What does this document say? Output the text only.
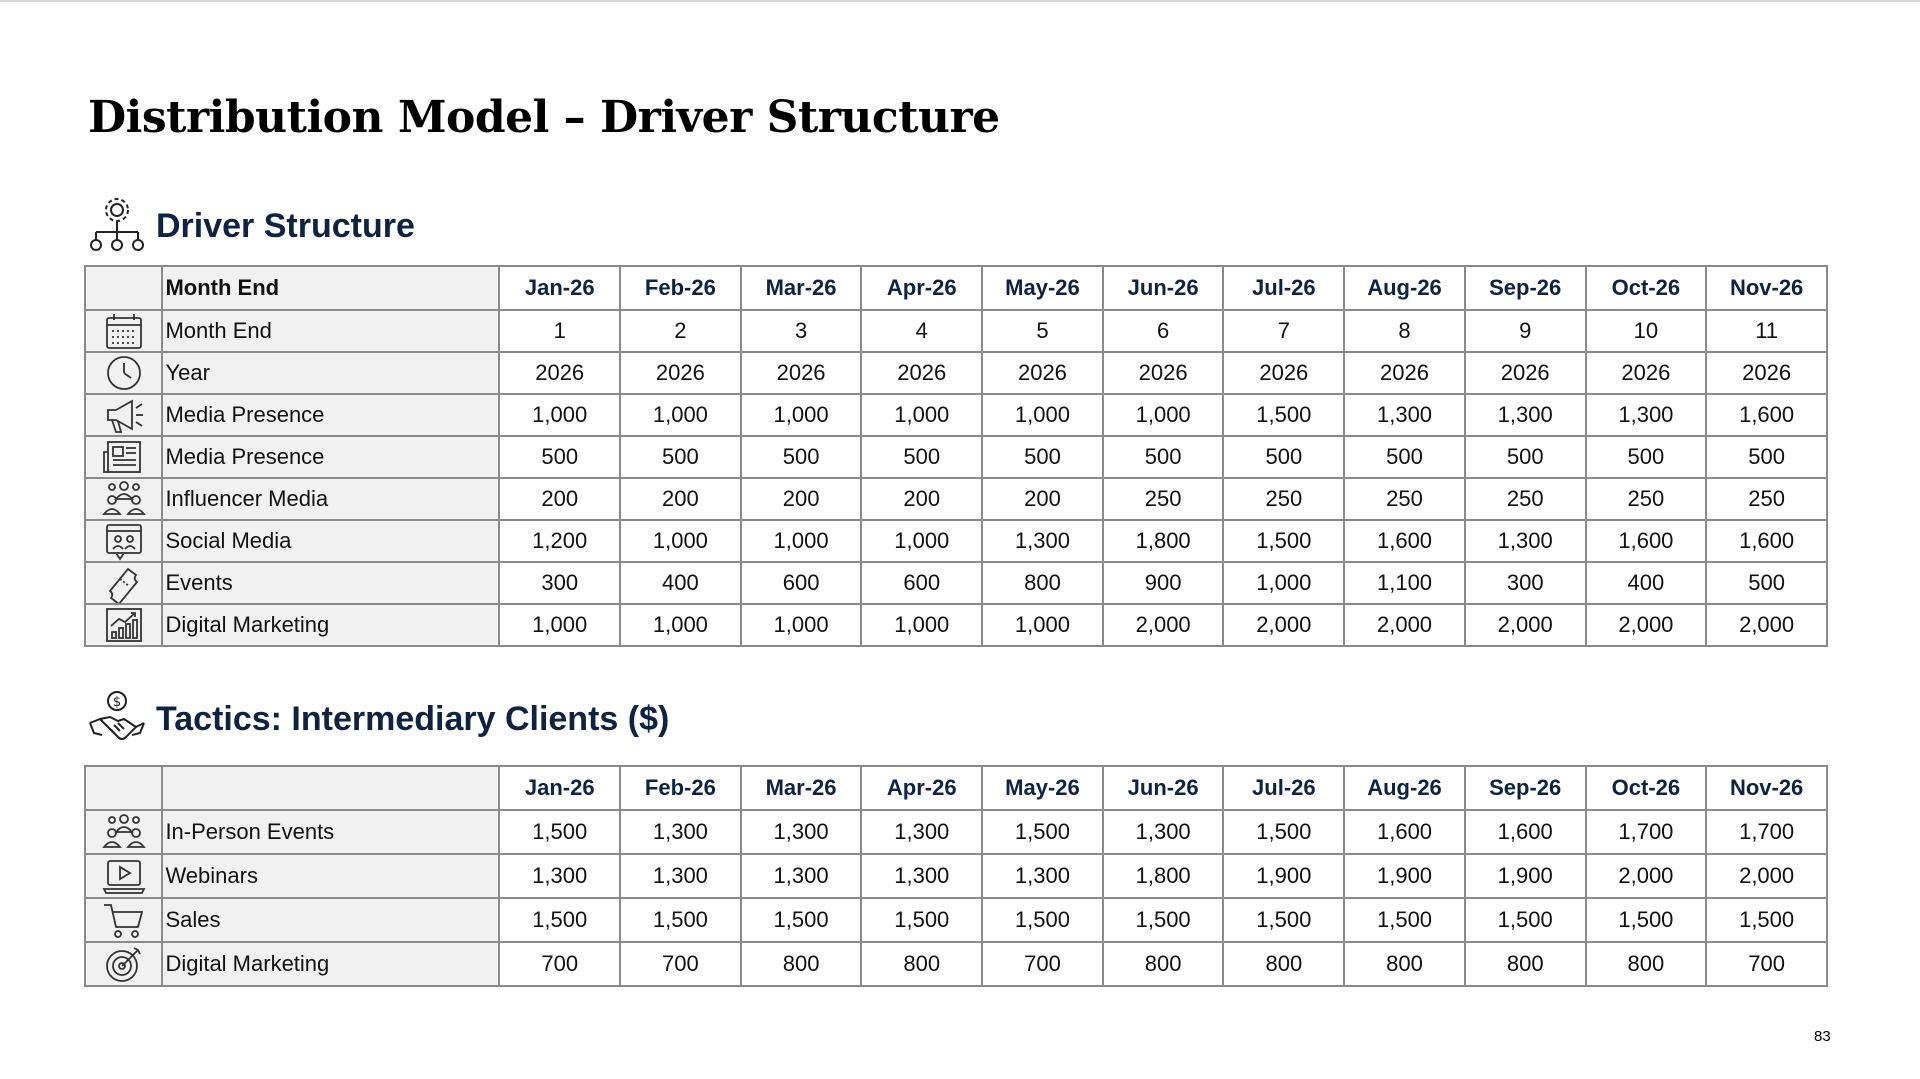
Distribution Model – Driver Structure
Driver Structure
	Month End	Jan-26	Feb-26	Mar-26	Apr-26	May-26	Jun-26	Jul-26	Aug-26	Sep-26	Oct-26	Nov-26

	Month End	1	2	3	4	5	6	7	8	9	10	11

	Year	2026	2026	2026	2026	2026	2026	2026	2026	2026	2026	2026

	Media Presence	1,000	1,000	1,000	1,000	1,000	1,000	1,500	1,300	1,300	1,300	1,600

	Media Presence	500	500	500	500	500	500	500	500	500	500	500

	Influencer Media	200	200	200	200	200	250	250	250	250	250	250

	Social Media	1,200	1,000	1,000	1,000	1,300	1,800	1,500	1,600	1,300	1,600	1,600

	Events	300	400	600	600	800	900	1,000	1,100	300	400	500

	Digital Marketing	1,000	1,000	1,000	1,000	1,000	2,000	2,000	2,000	2,000	2,000	2,000
$ Tactics: Intermediary Clients ($)
		Jan-26	Feb-26	Mar-26	Apr-26	May-26	Jun-26	Jul-26	Aug-26	Sep-26	Oct-26	Nov-26

	In-Person Events	1,500	1,300	1,300	1,300	1,500	1,300	1,500	1,600	1,600	1,700	1,700

	Webinars	1,300	1,300	1,300	1,300	1,300	1,800	1,900	1,900	1,900	2,000	2,000

	Sales	1,500	1,500	1,500	1,500	1,500	1,500	1,500	1,500	1,500	1,500	1,500

	Digital Marketing	700	700	800	800	700	800	800	800	800	800	700
83
